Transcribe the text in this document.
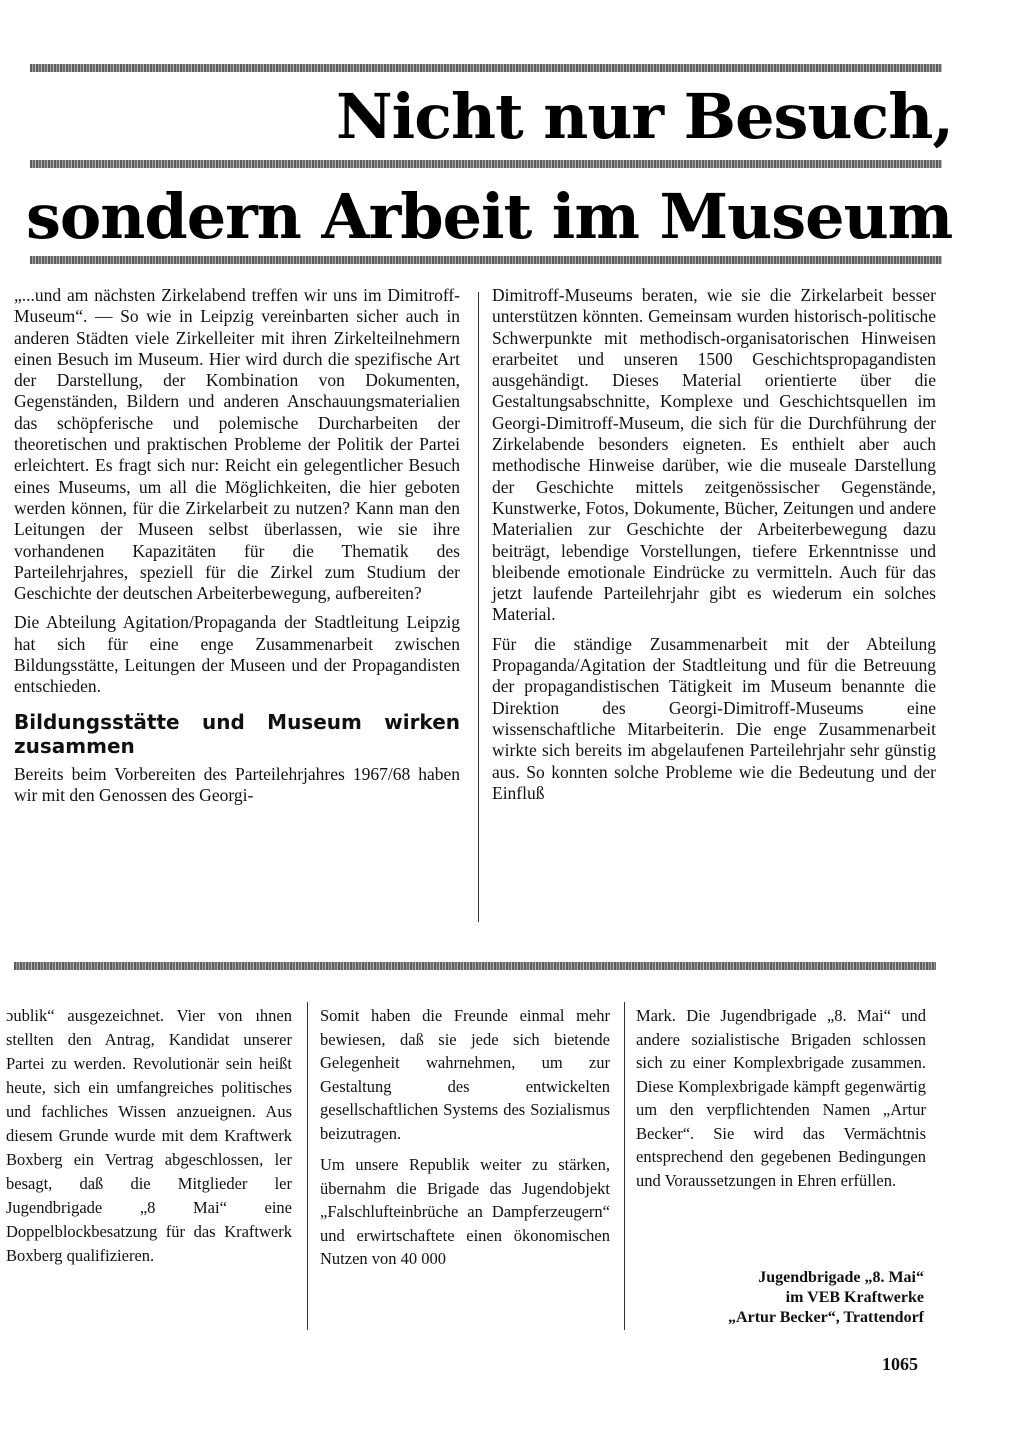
Nicht nur Besuch,
sondern Arbeit im Museum

„...und am nächsten Zirkelabend treffen wir uns im Dimitroff-Museum“. — So wie in Leipzig vereinbarten sicher auch in anderen Städten viele Zirkelleiter mit ihren Zirkelteilnehmern einen Besuch im Museum. Hier wird durch die spezifische Art der Darstellung, der Kombination von Dokumenten, Gegenständen, Bildern und anderen Anschauungsmaterialien das schöpferische und polemische Durcharbeiten der theoretischen und praktischen Probleme der Politik der Partei erleichtert. Es fragt sich nur: Reicht ein gelegentlicher Besuch eines Museums, um all die Möglichkeiten, die hier geboten werden können, für die Zirkelarbeit zu nutzen? Kann man den Leitungen der Museen selbst überlassen, wie sie ihre vorhandenen Kapazitäten für die Thematik des Parteilehrjahres, speziell für die Zirkel zum Studium der Geschichte der deutschen Arbeiterbewegung, aufbereiten?

Die Abteilung Agitation/Propaganda der Stadtleitung Leipzig hat sich für eine enge Zusammenarbeit zwischen Bildungsstätte, Leitungen der Museen und der Propagandisten entschieden.

Bildungsstätte und Museum wirken zusammen

Bereits beim Vorbereiten des Parteilehrjahres 1967/68 haben wir mit den Genossen des Georgi-

Dimitroff-Museums beraten, wie sie die Zirkelarbeit besser unterstützen könnten. Gemeinsam wurden historisch-politische Schwerpunkte mit methodisch-organisatorischen Hinweisen erarbeitet und unseren 1500 Geschichtspropagandisten ausgehändigt. Dieses Material orientierte über die Gestaltungsabschnitte, Komplexe und Geschichtsquellen im Georgi-Dimitroff-Museum, die sich für die Durchführung der Zirkelabende besonders eigneten. Es enthielt aber auch methodische Hinweise darüber, wie die museale Darstellung der Geschichte mittels zeitgenössischer Gegenstände, Kunstwerke, Fotos, Dokumente, Bücher, Zeitungen und andere Materialien zur Geschichte der Arbeiterbewegung dazu beiträgt, lebendige Vorstellungen, tiefere Erkenntnisse und bleibende emotionale Eindrücke zu vermitteln. Auch für das jetzt laufende Parteilehrjahr gibt es wiederum ein solches Material.

Für die ständige Zusammenarbeit mit der Abteilung Propaganda/Agitation der Stadtleitung und für die Betreuung der propagandistischen Tätigkeit im Museum benannte die Direktion des Georgi-Dimitroff-Museums eine wissenschaftliche Mitarbeiterin. Die enge Zusammenarbeit wirkte sich bereits im abgelaufenen Parteilehrjahr sehr günstig aus. So konnten solche Probleme wie die Bedeutung und der Einfluß

ɔublik“ ausgezeichnet. Vier von ıhnen stellten den Antrag, Kandidat unserer Partei zu werden. Revolutionär sein heißt heute, sich ein umfangreiches politisches und fachliches Wissen anzueignen. Aus diesem Grunde wurde mit dem Kraftwerk Boxberg ein Vertrag abgeschlossen, ler besagt, daß die Mitglieder ler Jugendbrigade „8 Mai“ eine Doppelblockbesatzung für das Kraftwerk Boxberg qualifizieren.

Somit haben die Freunde einmal mehr bewiesen, daß sie jede sich bietende Gelegenheit wahrnehmen, um zur Gestaltung des entwickelten gesellschaftlichen Systems des Sozialismus beizutragen.

Um unsere Republik weiter zu stärken, übernahm die Brigade das Jugendobjekt „Falschlufteinbrüche an Dampferzeugern“ und erwirtschaftete einen ökonomischen Nutzen von 40 000

Mark. Die Jugendbrigade „8. Mai“ und andere sozialistische Brigaden schlossen sich zu einer Komplexbrigade zusammen. Diese Komplexbrigade kämpft gegenwärtig um den verpflichtenden Namen „Artur Becker“. Sie wird das Vermächtnis entsprechend den gegebenen Bedingungen und Voraussetzungen in Ehren erfüllen.

Jugendbrigade „8. Mai“
im VEB Kraftwerke
„Artur Becker“, Trattendorf
1065
